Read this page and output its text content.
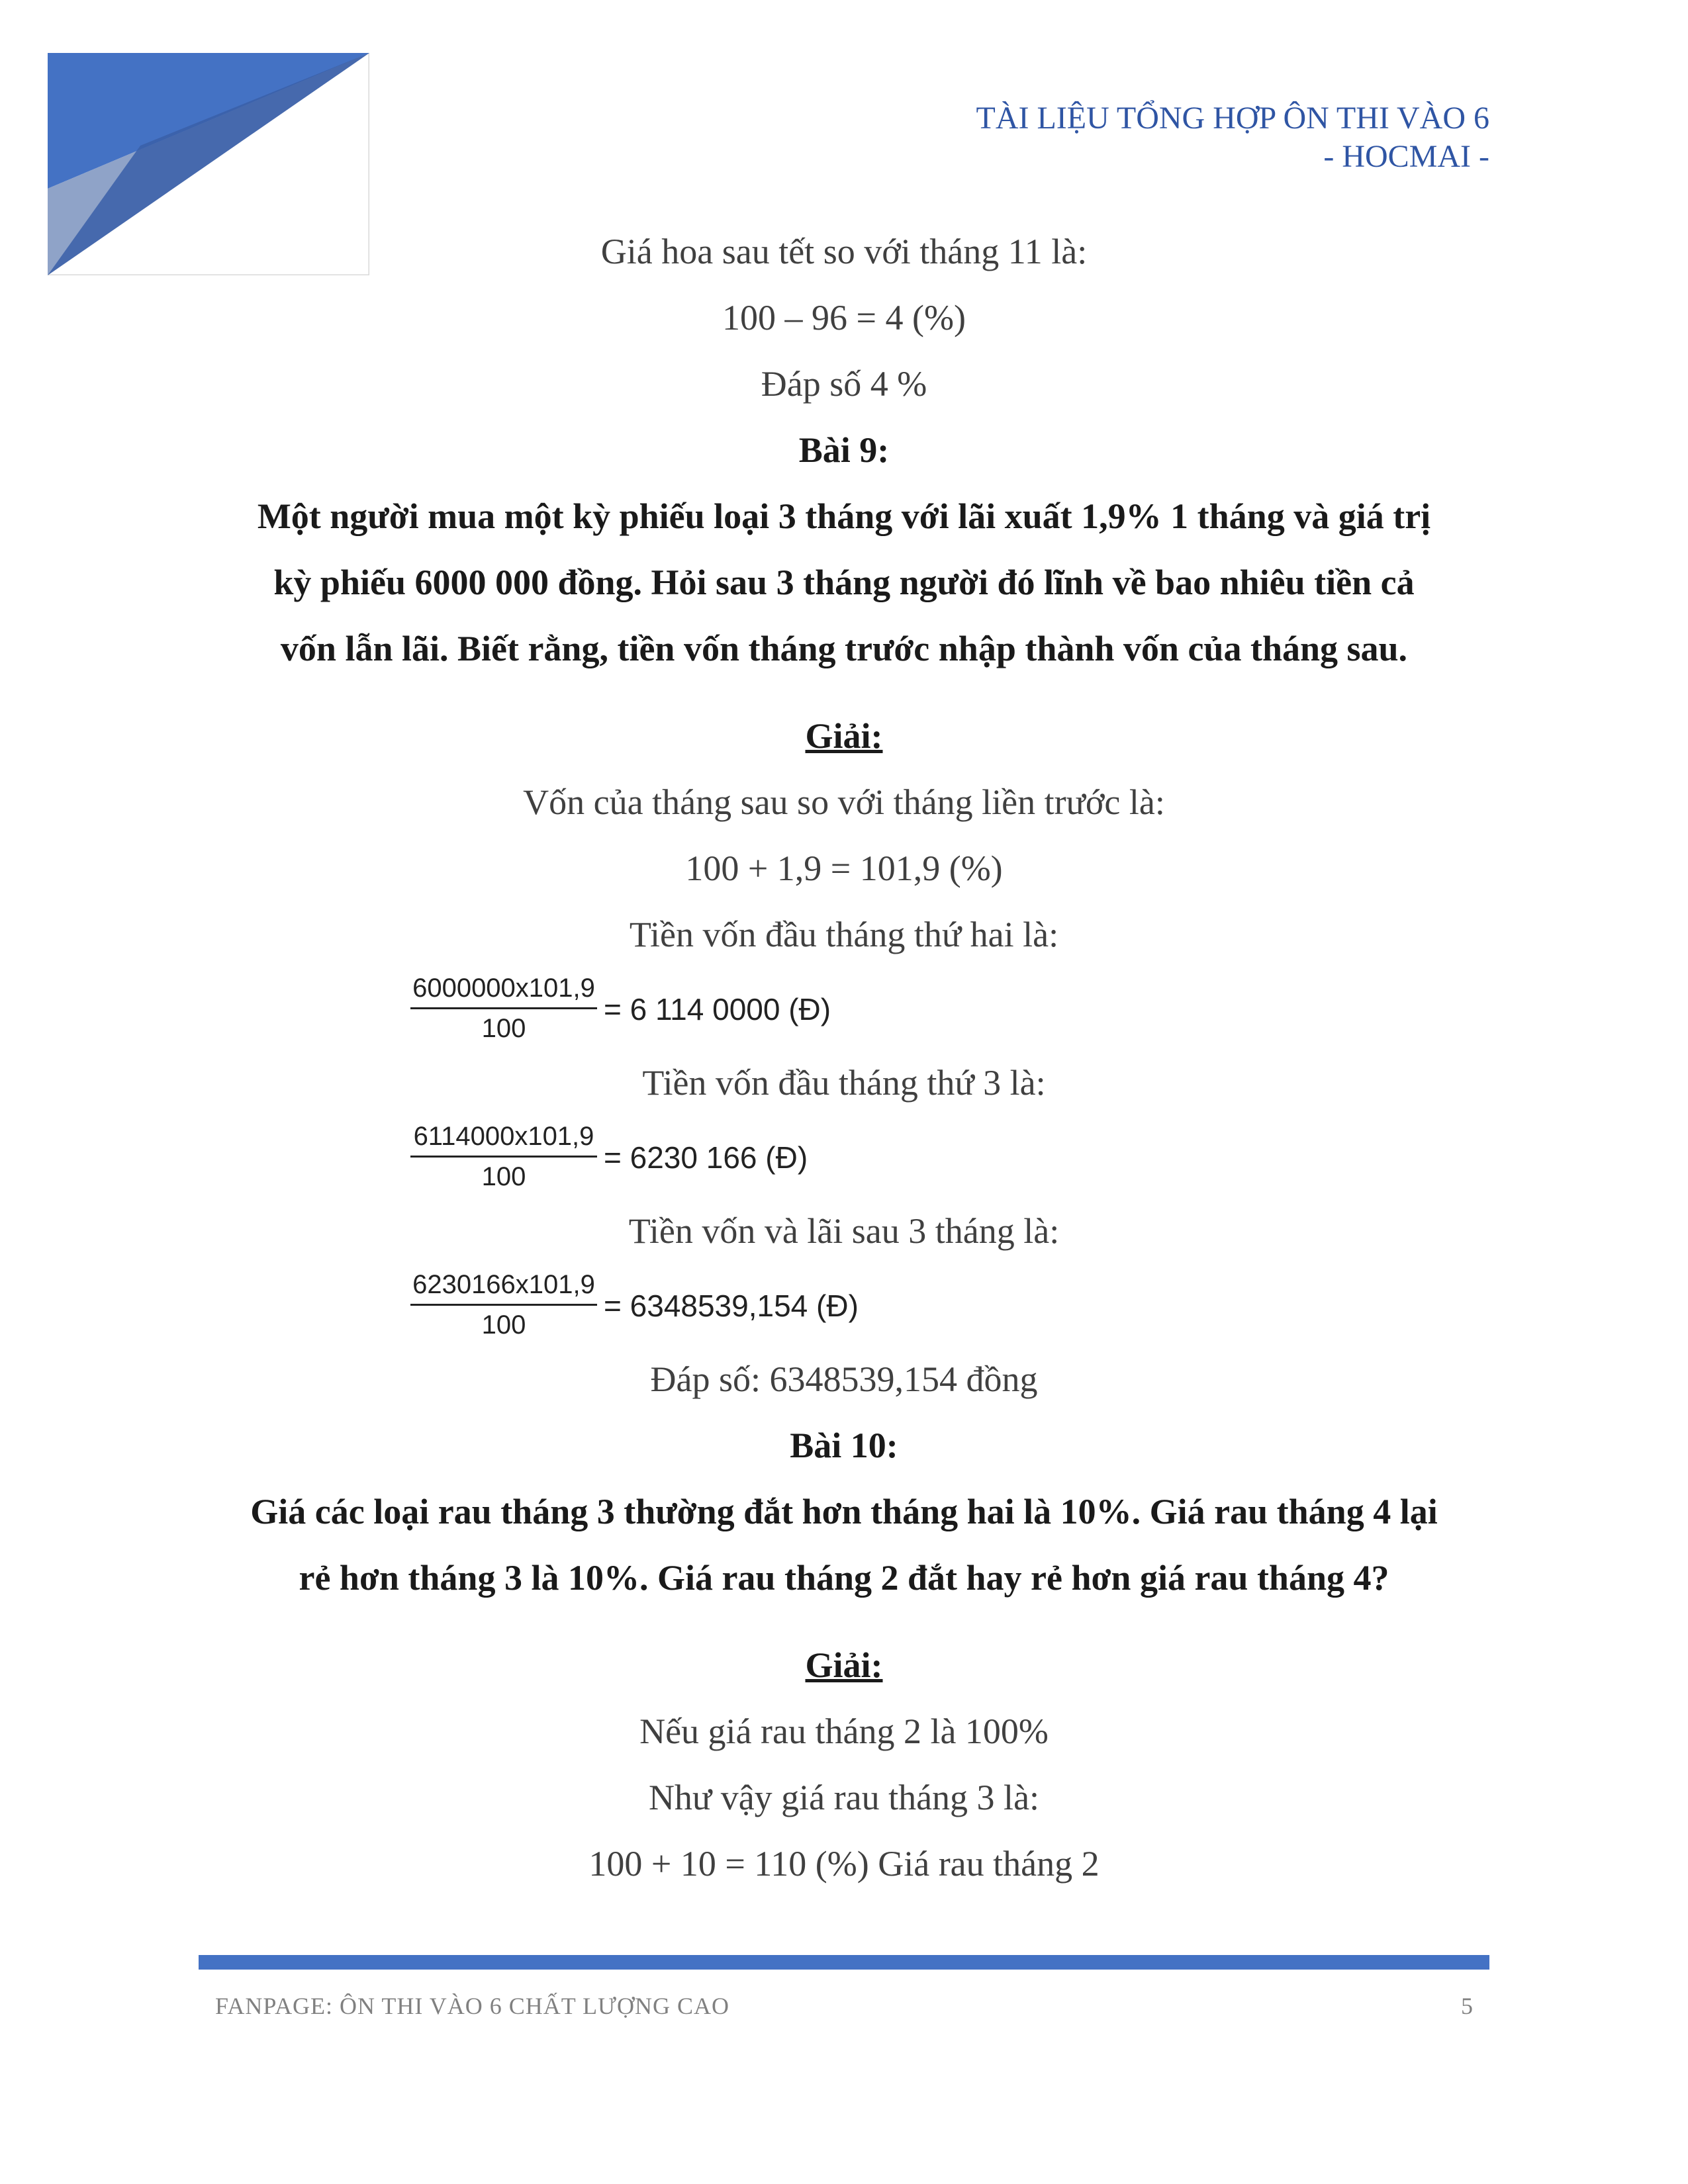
TÀI LIỆU TỔNG HỢP ÔN THI VÀO 6
- HOCMAI -
Giá hoa sau tết so với tháng 11 là:
100 – 96 = 4 (%)
Đáp số 4 %
Bài 9:
Một người mua một kỳ phiếu loại 3 tháng với lãi xuất 1,9% 1 tháng và giá trị
kỳ phiếu 6000 000 đồng. Hỏi sau 3 tháng người đó lĩnh về bao nhiêu tiền cả
vốn lẫn lãi. Biết rằng, tiền vốn tháng trước nhập thành vốn của tháng sau.
Giải:
Vốn của tháng sau so với tháng liền trước là:
100 + 1,9 = 101,9 (%)
Tiền vốn đầu tháng thứ hai là:
6000000x101,9
100
= 6 114 0000 (Đ)
Tiền vốn đầu tháng thứ 3 là:
6114000x101,9
100
= 6230 166 (Đ)
Tiền vốn và lãi sau 3 tháng là:
6230166x101,9
100
= 6348539,154 (Đ)
Đáp số: 6348539,154 đồng
Bài 10:
Giá các loại rau tháng 3 thường đắt hơn tháng hai là 10%. Giá rau tháng 4 lại
rẻ hơn tháng 3 là 10%. Giá rau tháng 2 đắt hay rẻ hơn giá rau tháng 4?
Giải:
Nếu giá rau tháng 2 là 100%
Như vậy giá rau tháng 3 là:
100 + 10 = 110 (%) Giá rau tháng 2
FANPAGE: ÔN THI VÀO 6 CHẤT LƯỢNG CAO	5
